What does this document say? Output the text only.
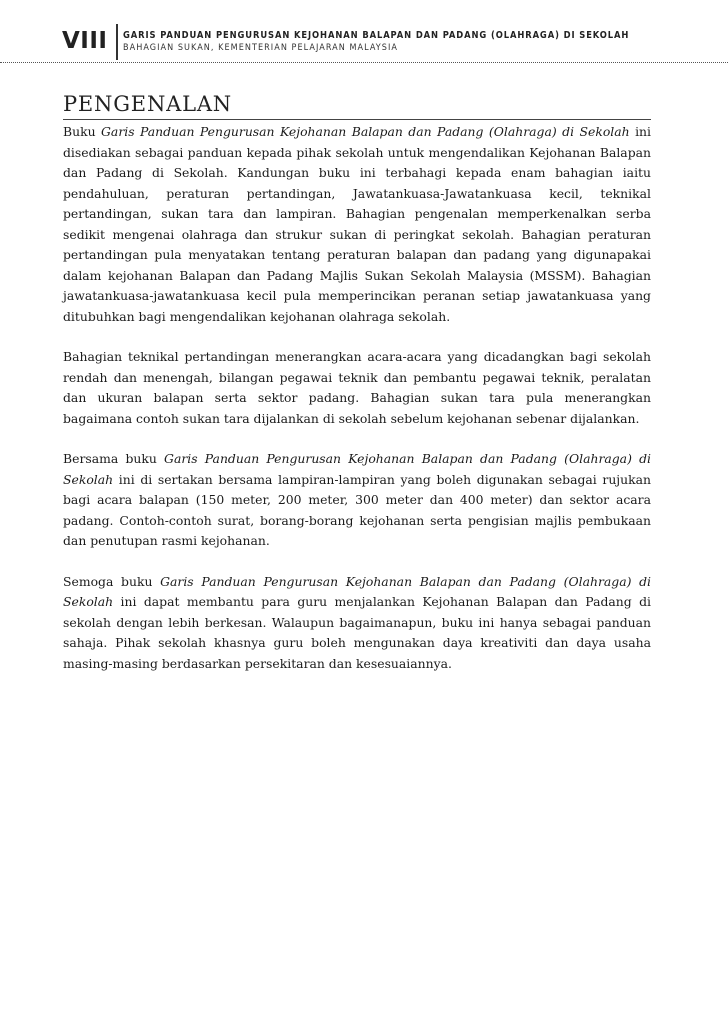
VIII GARIS PANDUAN PENGURUSAN KEJOHANAN BALAPAN DAN PADANG (OLAHRAGA) DI SEKOLAH
BAHAGIAN SUKAN, KEMENTERIAN PELAJARAN MALAYSIA
PENGENALAN

Buku Garis Panduan Pengurusan Kejohanan Balapan dan Padang (Olahraga) di Sekolah ini disediakan sebagai panduan kepada pihak sekolah untuk mengendalikan Kejohanan Balapan dan Padang di Sekolah. Kandungan buku ini terbahagi kepada enam bahagian iaitu pendahuluan, peraturan pertandingan, Jawatankuasa-Jawatankuasa kecil, teknikal pertandingan, sukan tara dan lampiran. Bahagian pengenalan memperkenalkan serba sedikit mengenai olahraga dan strukur sukan di peringkat sekolah. Bahagian peraturan pertandingan pula menyatakan tentang peraturan balapan dan padang yang digunapakai dalam kejohanan Balapan dan Padang Majlis Sukan Sekolah Malaysia (MSSM). Bahagian jawatankuasa-jawatankuasa kecil pula memperincikan peranan setiap jawatankuasa yang ditubuhkan bagi mengendalikan kejohanan olahraga sekolah.

Bahagian teknikal pertandingan menerangkan acara-acara yang dicadangkan bagi sekolah rendah dan menengah, bilangan pegawai teknik dan pembantu pegawai teknik, peralatan dan ukuran balapan serta sektor padang. Bahagian sukan tara pula menerangkan bagaimana contoh sukan tara dijalankan di sekolah sebelum kejohanan sebenar dijalankan.

Bersama buku Garis Panduan Pengurusan Kejohanan Balapan dan Padang (Olahraga) di Sekolah ini di sertakan bersama lampiran-lampiran yang boleh digunakan sebagai rujukan bagi acara balapan (150 meter, 200 meter, 300 meter dan 400 meter) dan sektor acara padang. Contoh-contoh surat, borang-borang kejohanan serta pengisian majlis pembukaan dan penutupan rasmi kejohanan.

Semoga buku Garis Panduan Pengurusan Kejohanan Balapan dan Padang (Olahraga) di Sekolah ini dapat membantu para guru menjalankan Kejohanan Balapan dan Padang di sekolah dengan lebih berkesan. Walaupun bagaimanapun, buku ini hanya sebagai panduan sahaja. Pihak sekolah khasnya guru boleh mengunakan daya kreativiti dan daya usaha masing-masing berdasarkan persekitaran dan kesesuaiannya.
